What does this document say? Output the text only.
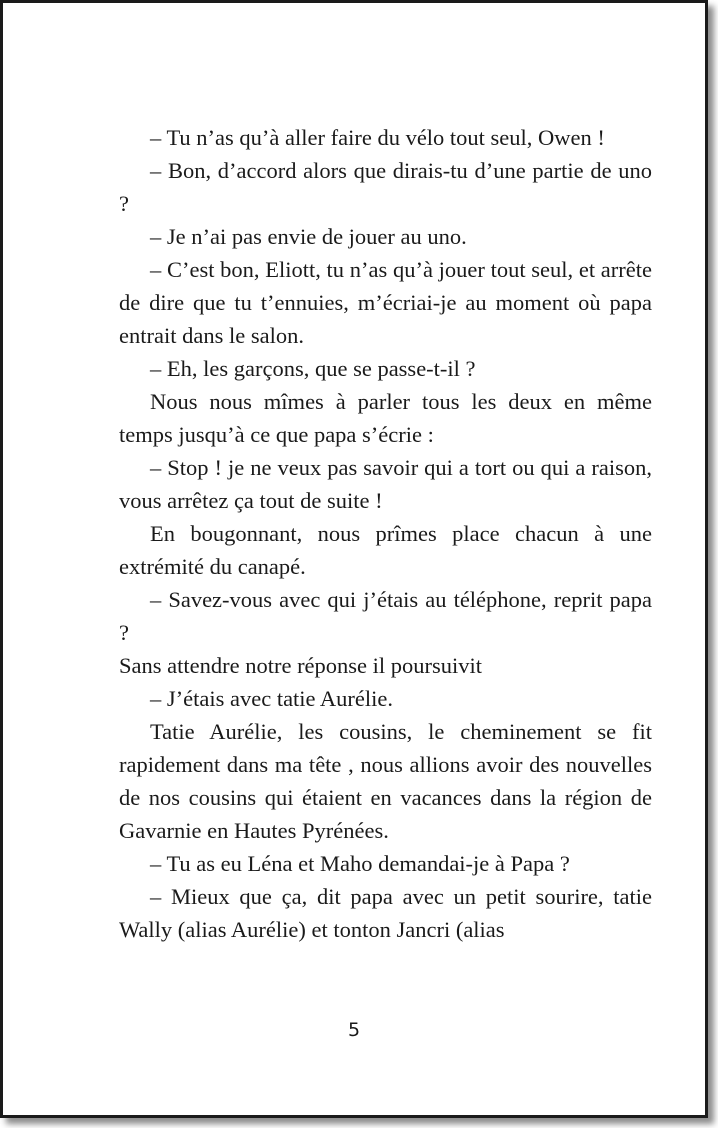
– Tu n’as qu’à aller faire du vélo tout seul, Owen !

– Bon, d’accord alors que dirais-tu d’une partie de uno ?

– Je n’ai pas envie de jouer au uno.

– C’est bon, Eliott, tu n’as qu’à jouer tout seul, et arrête de dire que tu t’ennuies, m’écriai-je au moment où papa entrait dans le salon.

– Eh, les garçons, que se passe-t-il ?

Nous nous mîmes à parler tous les deux en même temps jusqu’à ce que papa s’écrie :

– Stop ! je ne veux pas savoir qui a tort ou qui a raison, vous arrêtez ça tout de suite !

En bougonnant, nous prîmes place chacun à une extrémité du canapé.

– Savez-vous avec qui j’étais au téléphone, reprit papa ?

Sans attendre notre réponse il poursuivit

– J’étais avec tatie Aurélie.

Tatie Aurélie, les cousins, le cheminement se fit rapidement dans ma tête , nous allions avoir des nouvelles de nos cousins qui étaient en vacances dans la région de Gavarnie en Hautes Pyrénées.

– Tu as eu Léna et Maho demandai-je à Papa ?

– Mieux que ça, dit papa avec un petit sourire, tatie Wally (alias Aurélie) et tonton Jancri (alias

5
